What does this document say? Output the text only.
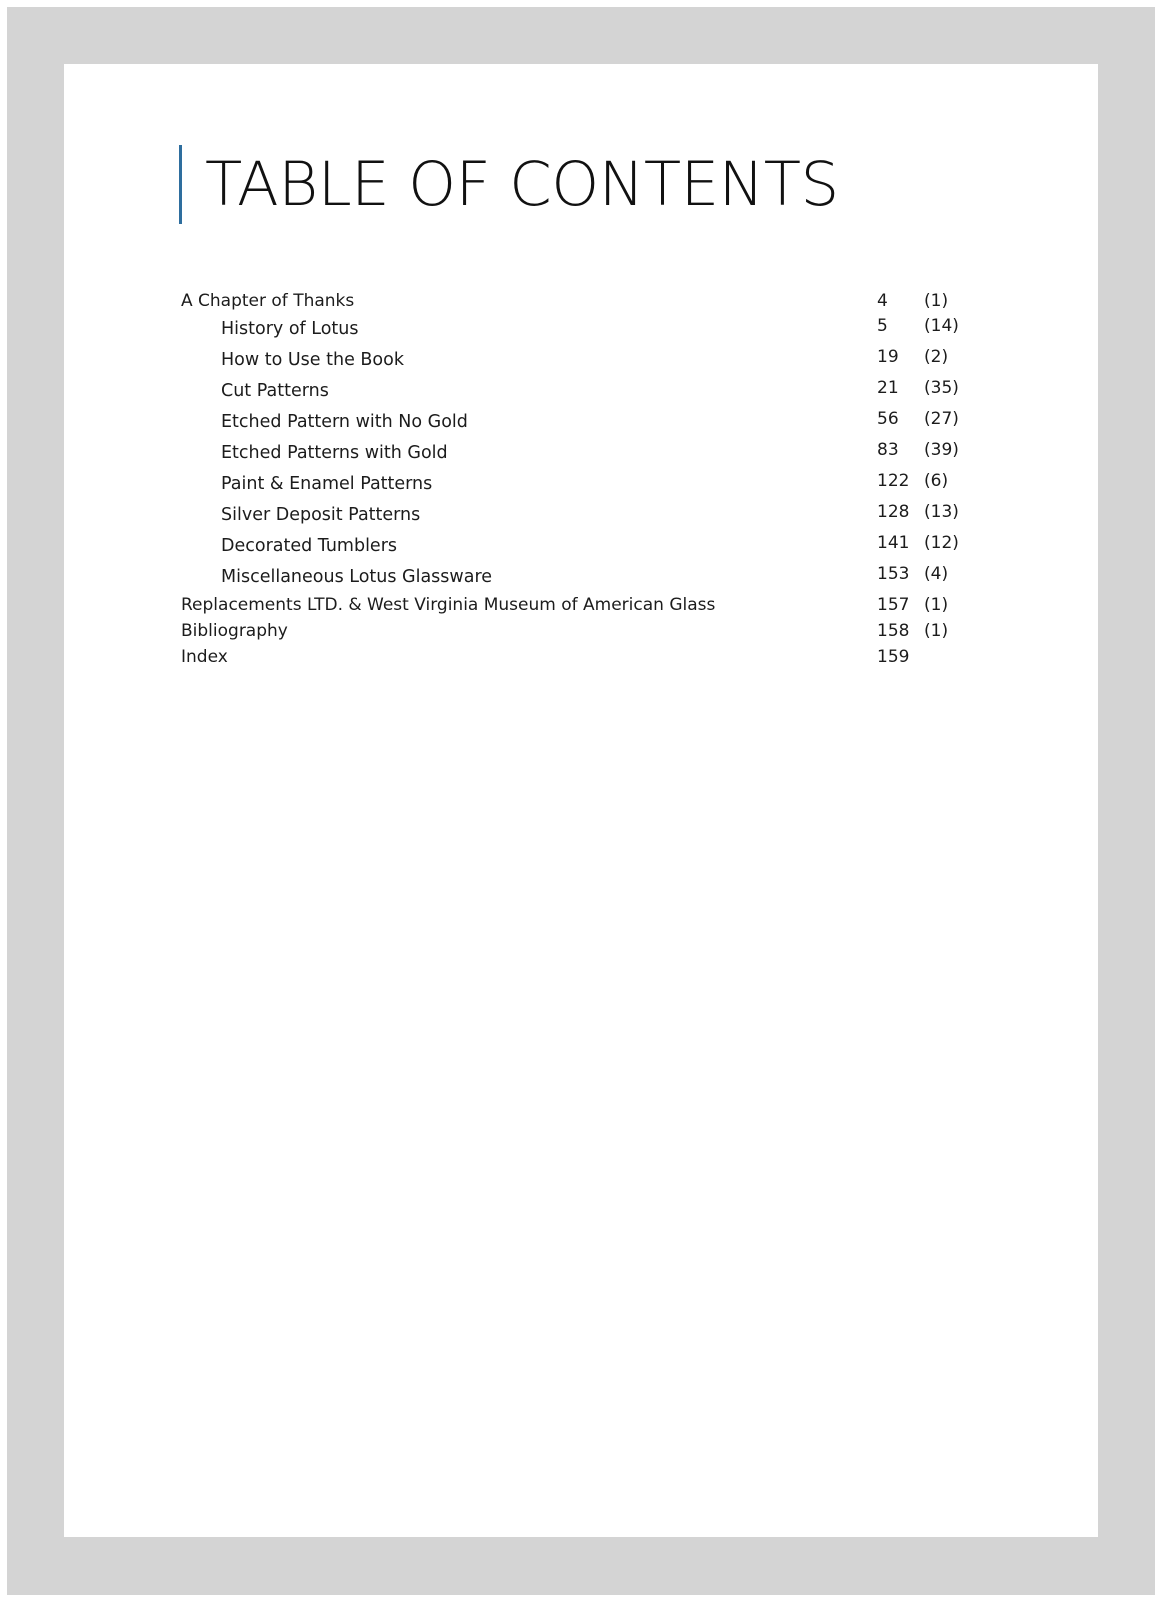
TABLE OF CONTENTS
A Chapter of Thanks	4 (1)
History of Lotus	5 (14)
How to Use the Book	19 (2)
Cut Patterns	21 (35)
Etched Pattern with No Gold	56 (27)
Etched Patterns with Gold	83 (39)
Paint & Enamel Patterns	122 (6)
Silver Deposit Patterns	128 (13)
Decorated Tumblers	141 (12)
Miscellaneous Lotus Glassware	153 (4)
Replacements LTD. & West Virginia Museum of American Glass	157 (1)
Bibliography	158 (1)
Index	159
